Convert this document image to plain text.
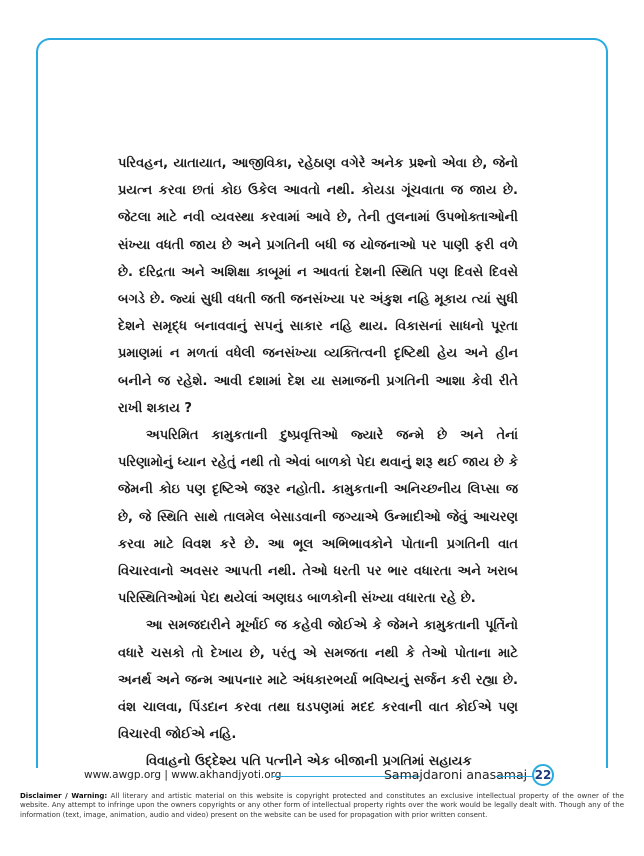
પરિવહન, યાતાયાત, આજીવિકા, રહેઠાણ વગેરે અનેક પ્રશ્નો એવા છે, જેનો પ્રયત્ન કરવા છતાં કોઇ ઉકેલ આવતો નથી. કોયડા ગૂંચવાતા જ જાય છે. જેટલા માટે નવી વ્યવસ્થા કરવામાં આવે છે, તેની તુલનામાં ઉપભોક્તાઓની સંખ્યા વધતી જાય છે અને પ્રગતિની બધી જ યોજનાઓ પર પાણી ફરી વળે છે. દરિદ્રતા અને અશિક્ષા કાબૂમાં ન આવતાં દેશની સ્થિતિ પણ દિવસે દિવસે બગડે છે. જ્યાં સુધી વધતી જતી જનસંખ્યા પર અંકુશ નહિ મૂકાય ત્યાં સુધી દેશને સમૃદ્ધ બનાવવાનું સપનું સાકાર નહિ થાય. વિકાસનાં સાધનો પૂરતા પ્રમાણમાં ન મળતાં વધેલી જનસંખ્યા વ્યક્તિત્વની દૃષ્ટિથી હેય અને હીન બનીને જ રહેશે. આવી દશામાં દેશ યા સમાજની પ્રગતિની આશા કેવી રીતે રાખી શકાય ?

અપરિમિત કામુકતાની દુષ્પ્રવૃત્તિઓ જ્યારે જન્મે છે અને તેનાં પરિણામોનું ધ્યાન રહેતું નથી તો એવાં બાળકો પેદા થવાનું શરૂ થઈ જાય છે કે જેમની કોઇ પણ દૃષ્ટિએ જરૂર નહોતી. કામુકતાની અનિચ્છનીય લિપ્સા જ છે, જે સ્થિતિ સાથે તાલમેલ બેસાડવાની જગ્યાએ ઉન્માદીઓ જેવું આચરણ કરવા માટે વિવશ કરે છે. આ ભૂલ અભિભાવકોને પોતાની પ્રગતિની વાત વિચારવાનો અવસર આપતી નથી. તેઓ ધરતી પર ભાર વધારતા અને ખરાબ પરિસ્થિતિઓમાં પેદા થયેલાં અણઘડ બાળકોની સંખ્યા વધારતા રહે છે.

આ સમજદારીને મૂર્ખાઈ જ કહેવી જોઈએ કે જેમને કામુકતાની પૂર્તિનો વધારે ચસકો તો દેખાય છે, પરંતુ એ સમજતા નથી કે તેઓ પોતાના માટે અનર્થ અને જન્મ આપનાર માટે અંધકારભર્યા ભવિષ્યનું સર્જન કરી રહ્યા છે. વંશ ચાલવા, પિંડદાન કરવા તથા ઘડપણમાં મદદ કરવાની વાત કોઈએ પણ વિચારવી જોઈએ નહિ.

વિવાહનો ઉદ્દેશ્ય પતિ પત્નીને એક બીજાની પ્રગતિમાં સહાયક

www.awgp.org | www.akhandjyoti.org	Samajdaroni anasamaj 22
Disclaimer / Warning: All literary and artistic material on this website is copyright protected and constitutes an exclusive intellectual property of the owner of the website. Any attempt to infringe upon the owners copyrights or any other form of intellectual property rights over the work would be legally dealt with. Though any of the information (text, image, animation, audio and video) present on the website can be used for propagation with prior written consent.
